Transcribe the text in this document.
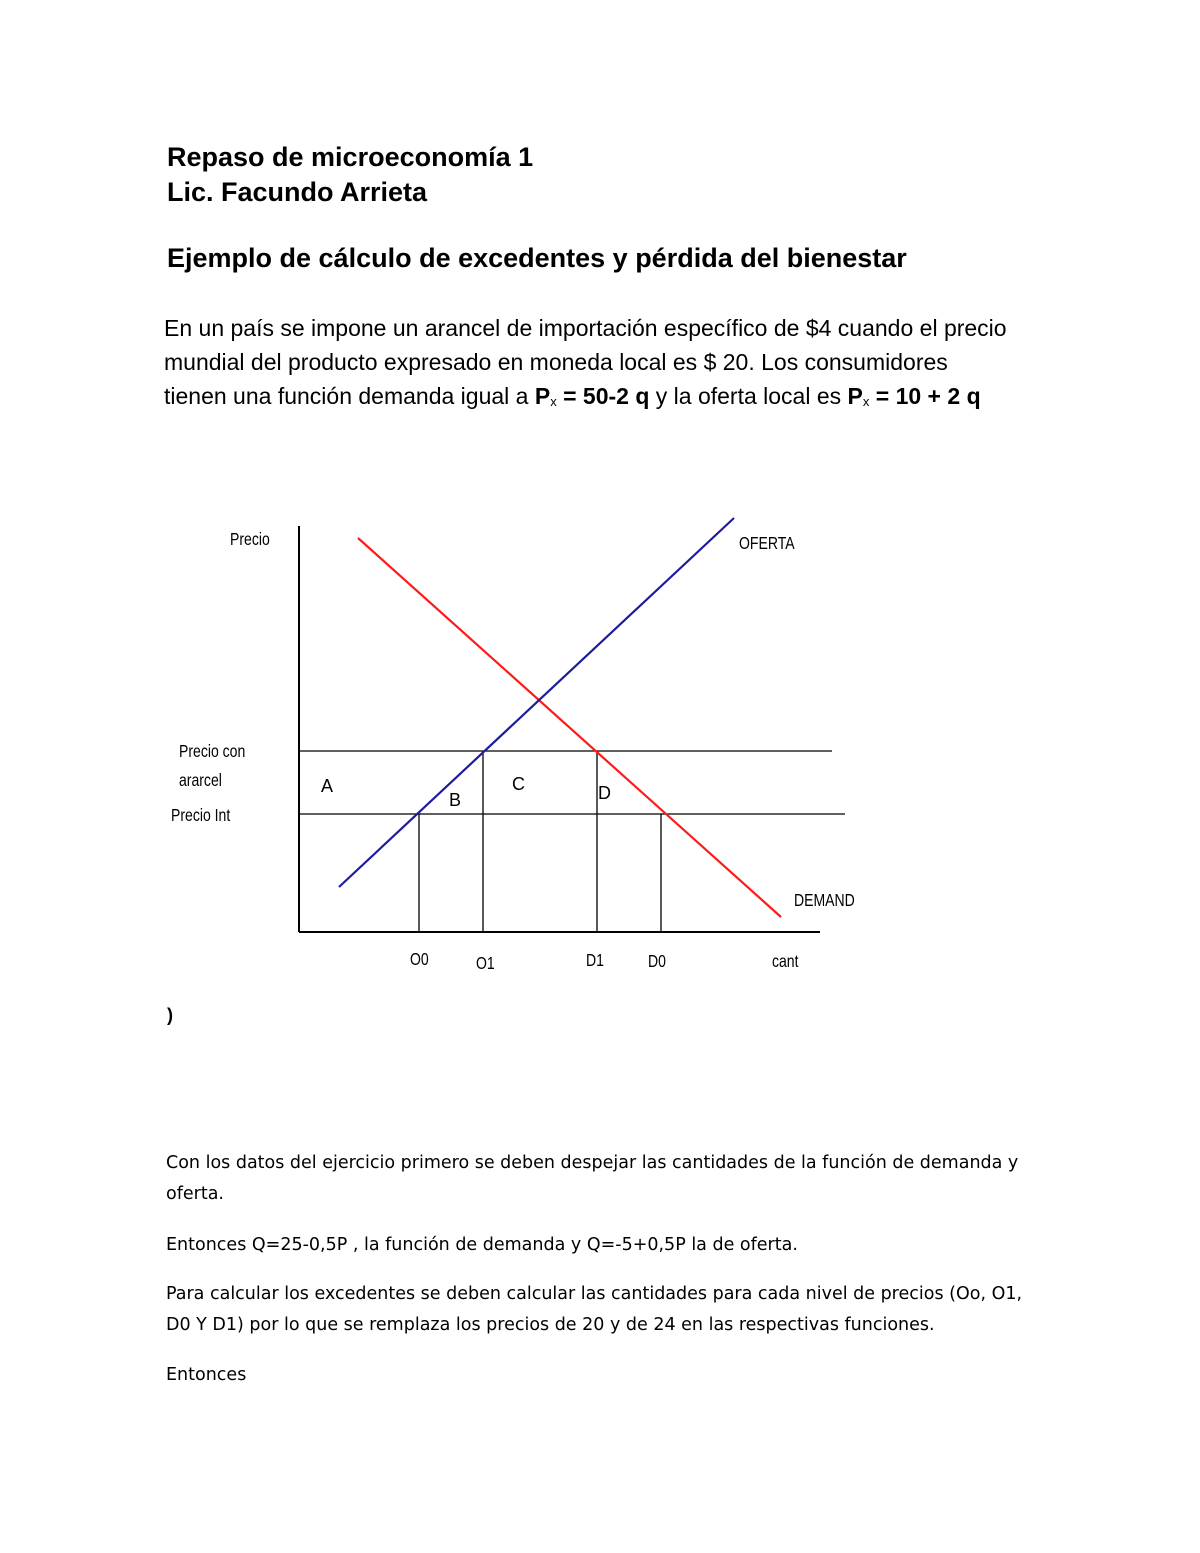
Repaso de microeconomía 1
Lic. Facundo Arrieta
Ejemplo de cálculo de excedentes y pérdida del bienestar
En un país se impone un arancel de importación específico de $4 cuando el precio
mundial del producto expresado en moneda local es $ 20. Los consumidores
tienen una función demanda igual a $P_x = 50-2$ q y la oferta local es $P_x = 10 + 2$ q
Precio	OFERTA
DEMAND
Precio con
ararcel
Precio Int
A
B
C	D
O0	O1	D1 D0	cant
)
Con los datos del ejercicio primero se deben despejar las cantidades de la función de demanda y
oferta.
Entonces Q=25-0,5P , la función de demanda y Q=-5+0,5P la de oferta.
Para calcular los excedentes se deben calcular las cantidades para cada nivel de precios (Oo, O1,
D0 Y D1) por lo que se remplaza los precios de 20 y de 24 en las respectivas funciones.
Entonces
